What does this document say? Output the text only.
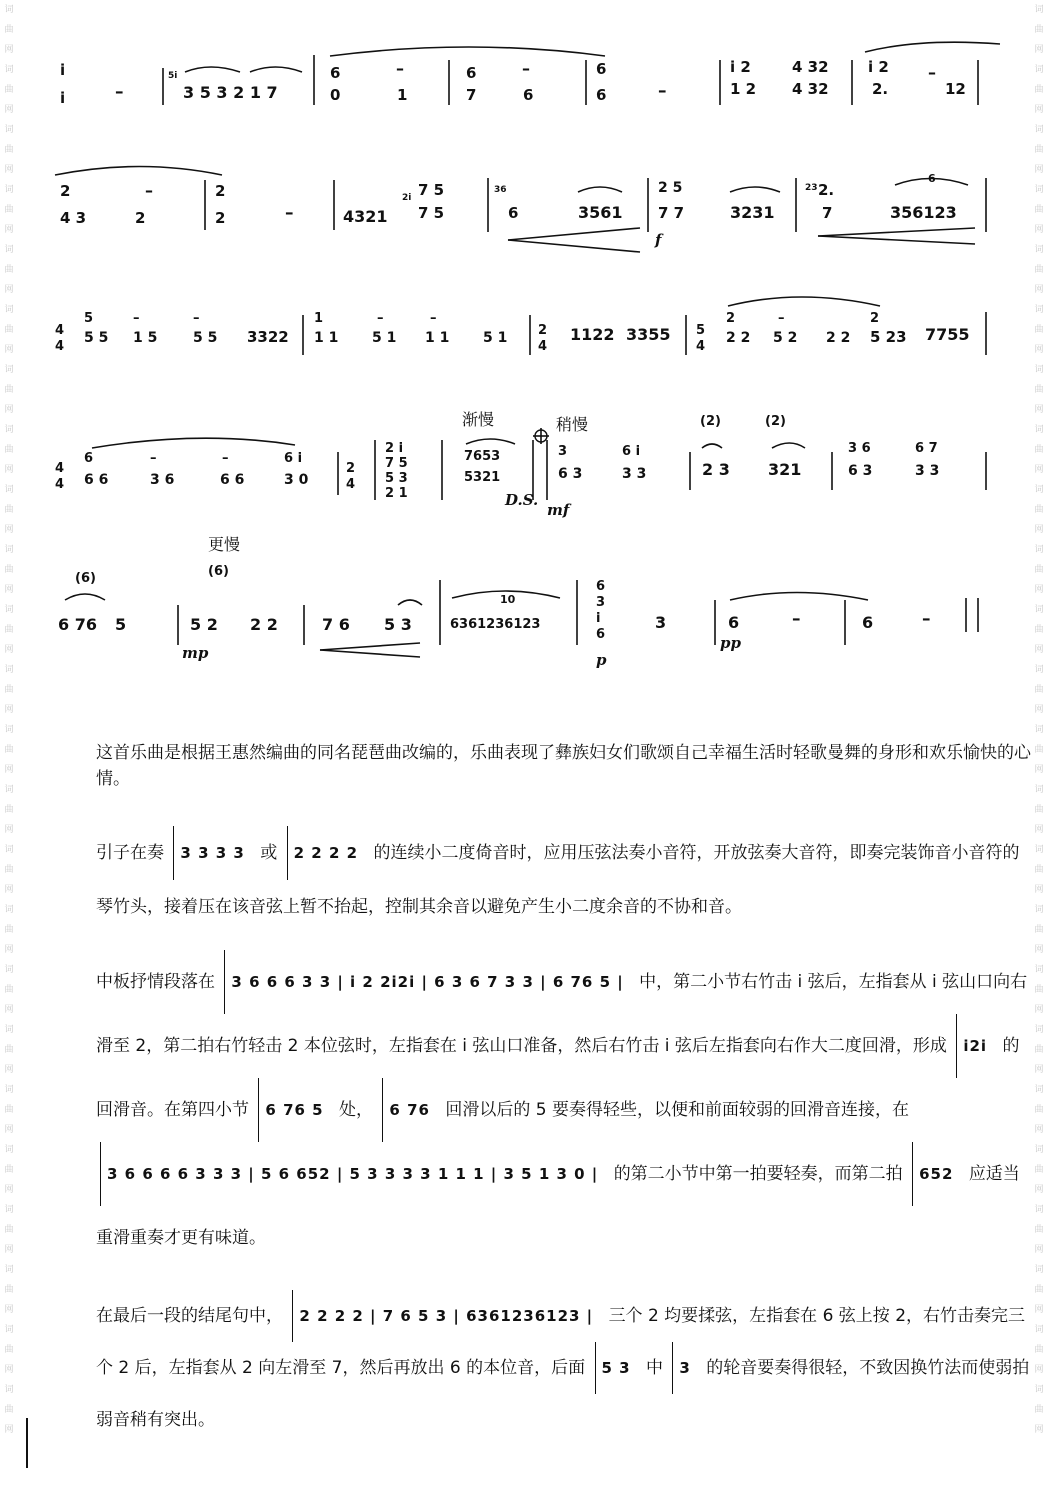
词曲网 词曲网 词曲网 词曲网 词曲网 词曲网 词曲网 词曲网 词曲网 词曲网 词曲网 词曲网 词曲网 词曲网 词曲网 词曲网 词曲网 词曲网 词曲网 词曲网 词曲网 词曲网 词曲网 词曲网
词曲网 词曲网 词曲网 词曲网 词曲网 词曲网 词曲网 词曲网 词曲网 词曲网 词曲网 词曲网 词曲网 词曲网 词曲网 词曲网 词曲网 词曲网 词曲网 词曲网 词曲网 词曲网 词曲网 词曲网
i
i	–
5i
3 5 3 2 1 7
6
0
–
1
6
7
–
6
6
6	–
i 2
1 2
4 32
4 32
i 2
2.
–
12
2
4 3
–
2
2
2	–	4321
2i 7 5
7 5
36
6	3561
2 5
7 7
f
3231
23 2.
7
6
356123
4
4
5
5 5
–
1 5
–
5 5 3322
1
1 1
–
5 1
–
1 1 5 1 2
4
1122 3355 5
4
2
2 2
–
5 2 2 2
2
5 23 7755
4
4
6
6 6
–
3 6
–
6 6
6 i
3 0
2
4
2 i
7 5
5 3
2 1
渐慢
7653
5321
D.S.
稍慢
3
6 3
6 i
3 3
mf
(2)
2 3
(2)
321
3 6
6 3
6 7
3 3
(6)
6 76 5
更慢
(6)
5 2 2 2
mp
7 6 5 3
10
6361236123
6
3
i
6
p
3	6
pp
–	6	–
这首乐曲是根据王惠然编曲的同名琵琶曲改编的，乐曲表现了彝族妇女们歌颂自己幸福生活时轻歌曼舞的身形和欢乐愉快的心情。
引子在奏 3 3 3 3 或 2 2 2 2 的连续小二度倚音时，应用压弦法奏小音符，开放弦奏大音符，即奏完装饰音小音符的琴竹头，接着压在该音弦上暂不抬起，控制其余音以避免产生小二度余音的不协和音。
中板抒情段落在 3 6 6 6 3 3 | i 2 2i2i | 6 3 6 7 3 3 | 6 76 5 | 中，第二小节右竹击 i 弦后，左指套从 i 弦山口向右滑至 2，第二拍右竹轻击 2 本位弦时，左指套在 i 弦山口准备，然后右竹击 i 弦后左指套向右作大二度回滑，形成 i2i 的回滑音。在第四小节 6 76 5 处， 6 76 回滑以后的 5 要奏得轻些，以便和前面较弱的回滑音连接，在 3 6 6 6 6 3 3 3 | 5 6 652 | 5 3 3 3 3 1 1 1 | 3 5 1 3 0 | 的第二小节中第一拍要轻奏，而第二拍 652 应适当重滑重奏才更有味道。
在最后一段的结尾句中， 2 2 2 2 | 7 6 5 3 | 6361236123 | 三个 2 均要揉弦，左指套在 6 弦上按 2，右竹击奏完三个 2 后，左指套从 2 向左滑至 7，然后再放出 6 的本位音，后面 5 3 中 3 的轮音要奏得很轻，不致因换竹法而使弱拍弱音稍有突出。
